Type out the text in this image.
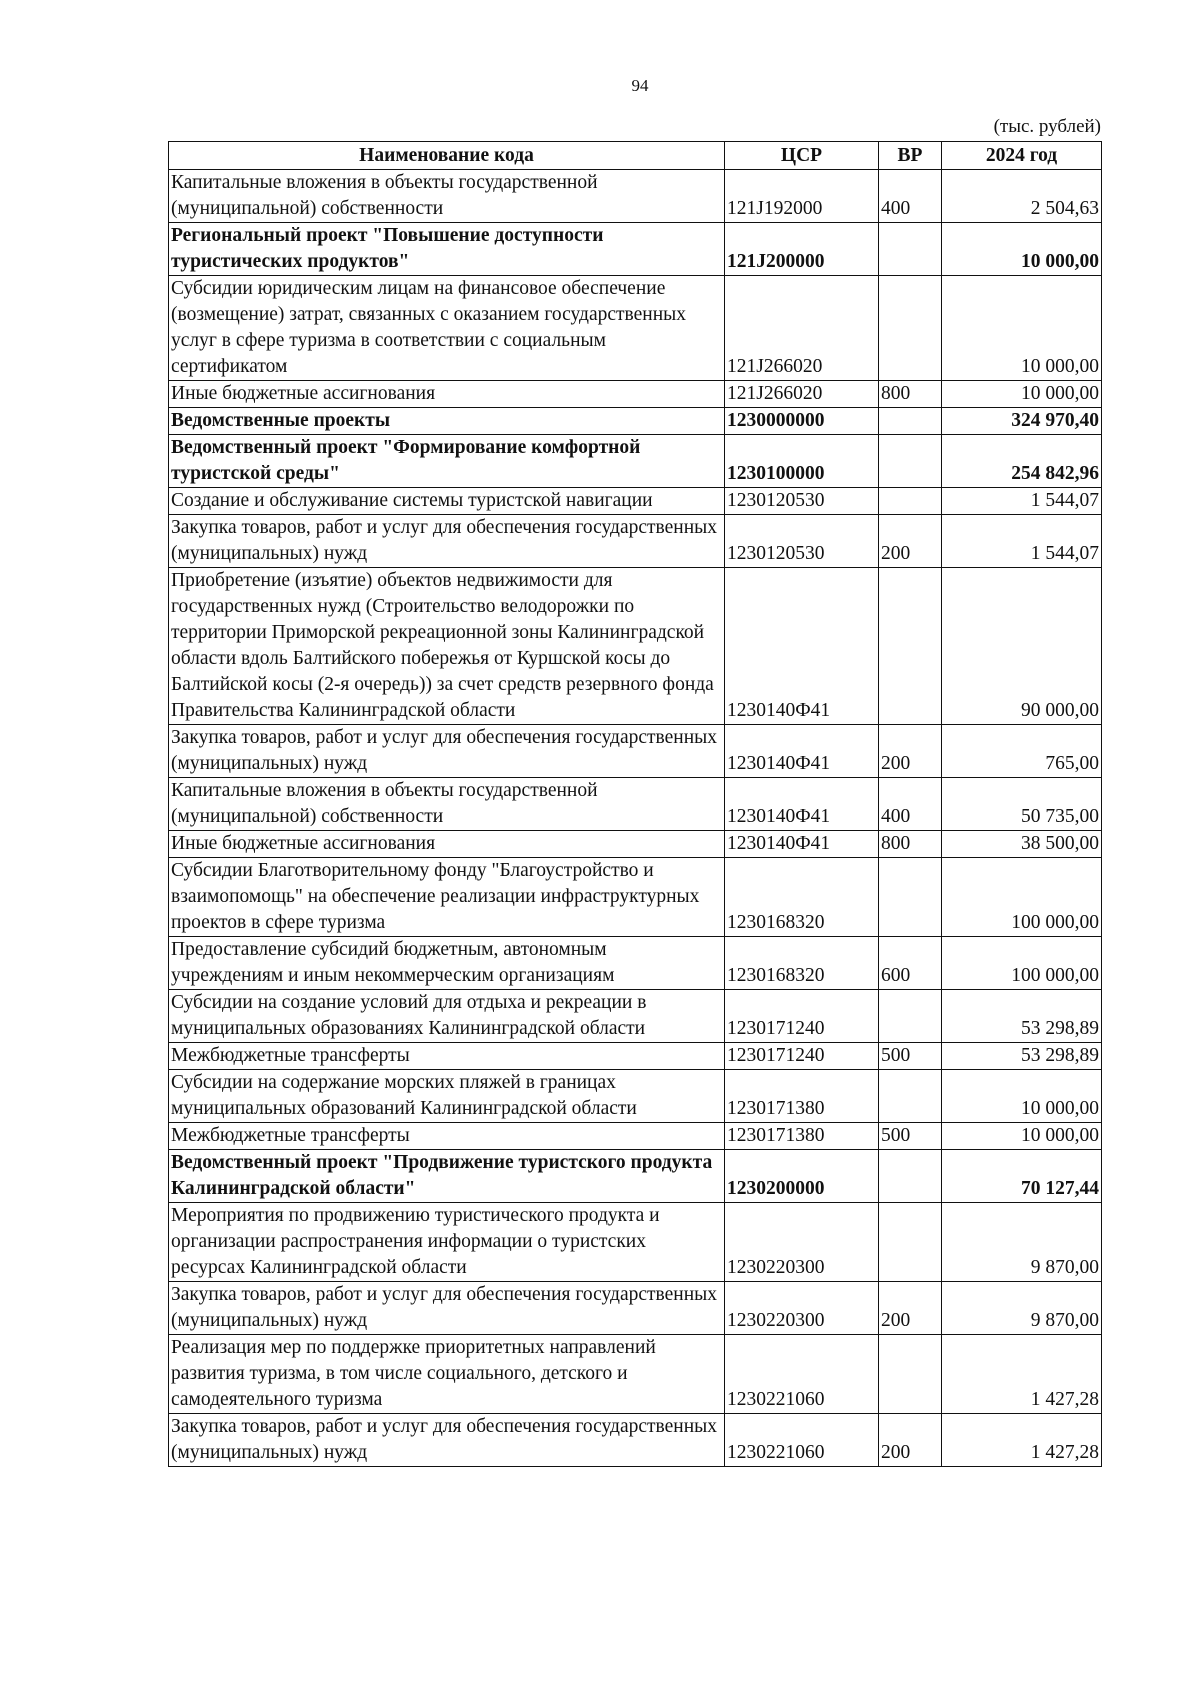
94
(тыс. рублей)
Наименование кода	ЦСР	ВР	2024 год
Капитальные вложения в объекты государственной (муниципальной) собственности	121J192000	400	2 504,63
Региональный проект "Повышение доступности туристических продуктов"	121J200000		10 000,00
Субсидии юридическим лицам на финансовое обеспечение (возмещение) затрат, связанных с оказанием государственных услуг в сфере туризма в соответствии с социальным сертификатом	121J266020		10 000,00
Иные бюджетные ассигнования	121J266020	800	10 000,00
Ведомственные проекты	1230000000		324 970,40
Ведомственный проект "Формирование комфортной туристской среды"	1230100000		254 842,96
Создание и обслуживание системы туристской навигации	1230120530		1 544,07
Закупка товаров, работ и услуг для обеспечения государственных (муниципальных) нужд	1230120530	200	1 544,07
Приобретение (изъятие) объектов недвижимости для государственных нужд (Строительство велодорожки по территории Приморской рекреационной зоны Калининградской области вдоль Балтийского побережья от Куршской косы до Балтийской косы (2-я очередь)) за счет средств резервного фонда Правительства Калининградской области	1230140Ф41		90 000,00
Закупка товаров, работ и услуг для обеспечения государственных (муниципальных) нужд	1230140Ф41	200	765,00
Капитальные вложения в объекты государственной (муниципальной) собственности	1230140Ф41	400	50 735,00
Иные бюджетные ассигнования	1230140Ф41	800	38 500,00
Субсидии Благотворительному фонду "Благоустройство и взаимопомощь" на обеспечение реализации инфраструктурных проектов в сфере туризма	1230168320		100 000,00
Предоставление субсидий бюджетным, автономным учреждениям и иным некоммерческим организациям	1230168320	600	100 000,00
Субсидии на создание условий для отдыха и рекреации в муниципальных образованиях Калининградской области	1230171240		53 298,89
Межбюджетные трансферты	1230171240	500	53 298,89
Субсидии на содержание морских пляжей в границах муниципальных образований Калининградской области	1230171380		10 000,00
Межбюджетные трансферты	1230171380	500	10 000,00
Ведомственный проект "Продвижение туристского продукта Калининградской области"	1230200000		70 127,44
Мероприятия по продвижению туристического продукта и организации распространения информации о туристских ресурсах Калининградской области	1230220300		9 870,00
Закупка товаров, работ и услуг для обеспечения государственных (муниципальных) нужд	1230220300	200	9 870,00
Реализация мер по поддержке приоритетных направлений развития туризма, в том числе социального, детского и самодеятельного туризма	1230221060		1 427,28
Закупка товаров, работ и услуг для обеспечения государственных (муниципальных) нужд	1230221060	200	1 427,28
